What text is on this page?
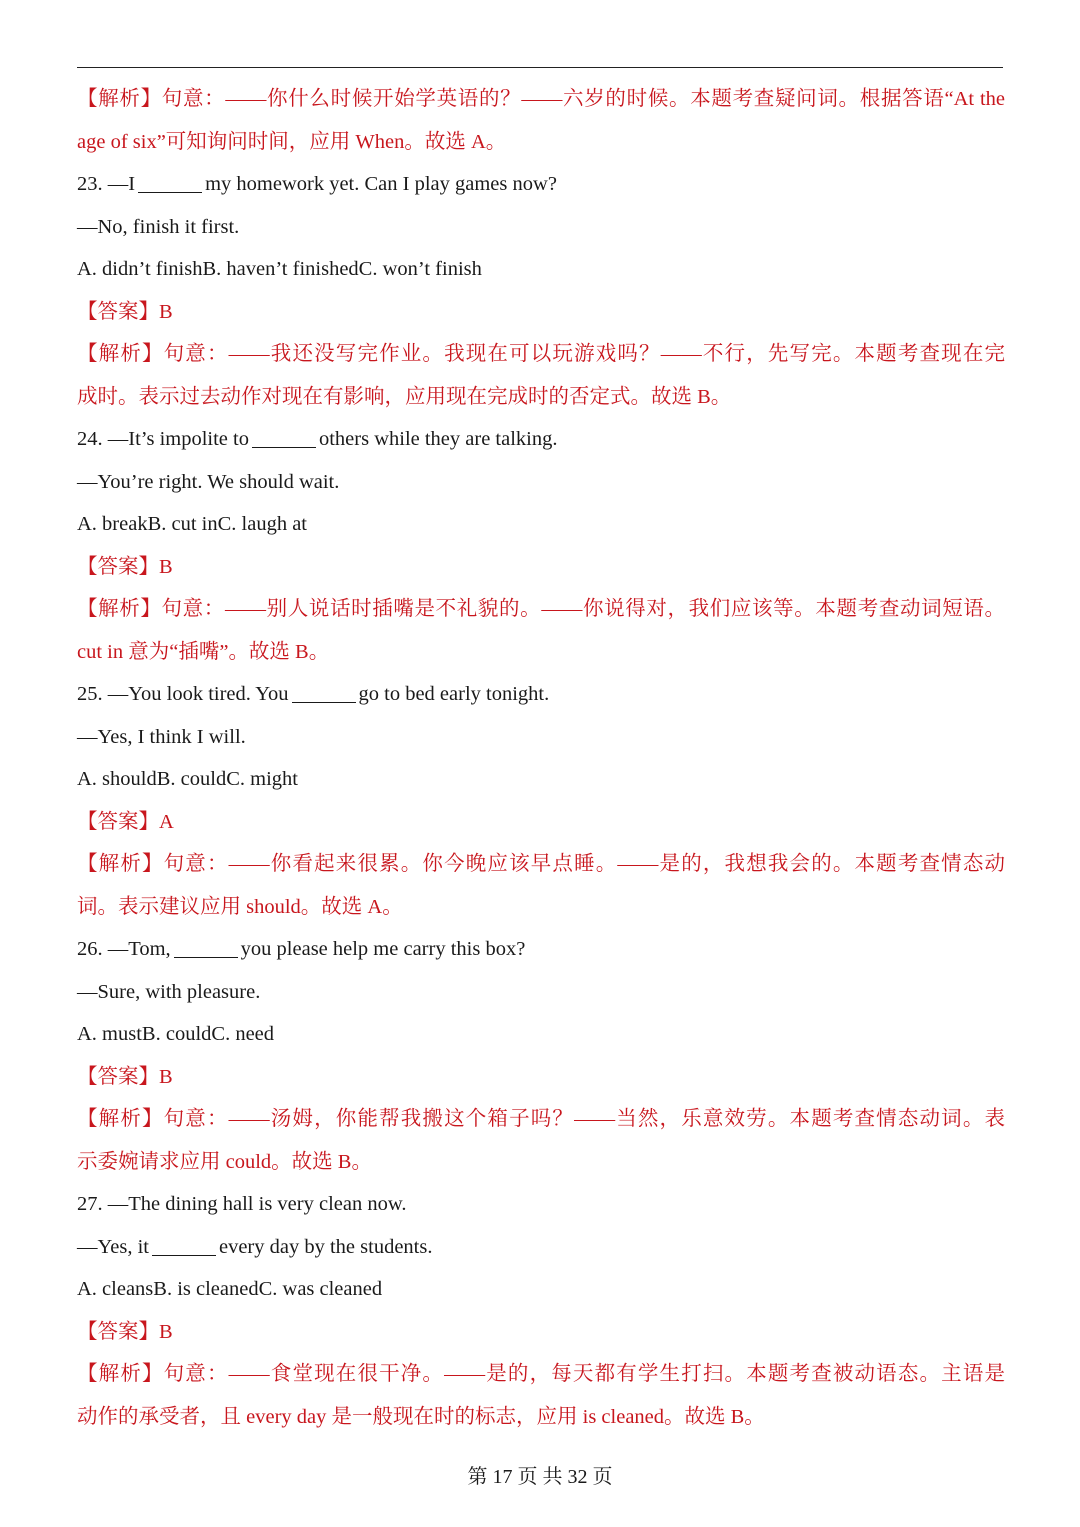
【解析】句意：——你什么时候开始学英语的？——六岁的时候。本题考查疑问词。根据答语“At the
age of six”可知询问时间，应用 When。故选 A。
23. —I	my homework yet. Can I play games now?
—No, finish it first.
A. didn’t finishB. haven’t finishedC. won’t finish
【答案】B
【解析】句意：——我还没写完作业。我现在可以玩游戏吗？——不行，先写完。本题考查现在完
成时。表示过去动作对现在有影响，应用现在完成时的否定式。故选 B。
24. —It’s impolite to	others while they are talking.
—You’re right. We should wait.
A. breakB. cut inC. laugh at
【答案】B
【解析】句意：——别人说话时插嘴是不礼貌的。——你说得对，我们应该等。本题考查动词短语。
cut in 意为“插嘴”。故选 B。
25. —You look tired. You	go to bed early tonight.
—Yes, I think I will.
A. shouldB. couldC. might
【答案】A
【解析】句意：——你看起来很累。你今晚应该早点睡。——是的，我想我会的。本题考查情态动
词。表示建议应用 should。故选 A。
26. —Tom,	you please help me carry this box?
—Sure, with pleasure.
A. mustB. couldC. need
【答案】B
【解析】句意：——汤姆，你能帮我搬这个箱子吗？——当然，乐意效劳。本题考查情态动词。表
示委婉请求应用 could。故选 B。
27. —The dining hall is very clean now.
—Yes, it	every day by the students.
A. cleansB. is cleanedC. was cleaned
【答案】B
【解析】句意：——食堂现在很干净。——是的，每天都有学生打扫。本题考查被动语态。主语是
动作的承受者，且 every day 是一般现在时的标志，应用 is cleaned。故选 B。
第 17 页 共 32 页
